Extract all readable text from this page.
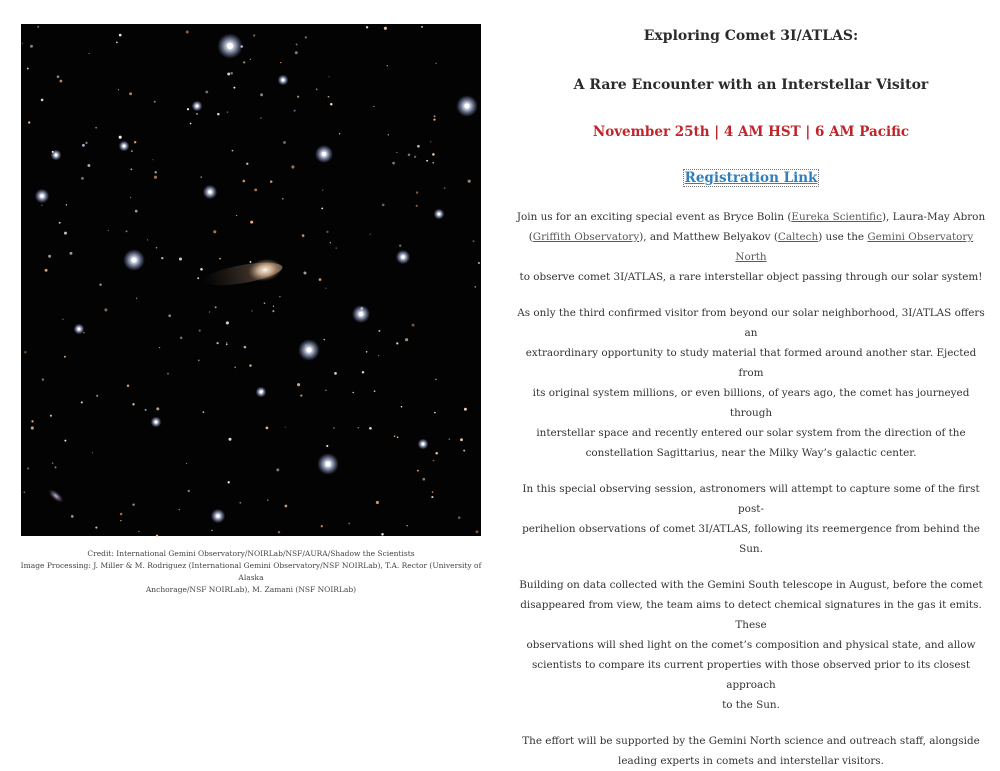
Credit: International Gemini Observatory/NOIRLab/NSF/AURA/Shadow the Scientists
Image Processing: J. Miller & M. Rodriguez (International Gemini Observatory/NSF NOIRLab), T.A. Rector (University of Alaska
Anchorage/NSF NOIRLab), M. Zamani (NSF NOIRLab)
Exploring Comet 3I/ATLAS:
A Rare Encounter with an Interstellar Visitor
November 25th | 4 AM HST | 6 AM Pacific
Registration Link

Join us for an exciting special event as Bryce Bolin (Eureka Scientific), Laura-May Abron
(Griffith Observatory), and Matthew Belyakov (Caltech) use the Gemini Observatory North
to observe comet 3I/ATLAS, a rare interstellar object passing through our solar system!

As only the third confirmed visitor from beyond our solar neighborhood, 3I/ATLAS offers an
extraordinary opportunity to study material that formed around another star. Ejected from
its original system millions, or even billions, of years ago, the comet has journeyed through
interstellar space and recently entered our solar system from the direction of the
constellation Sagittarius, near the Milky Way’s galactic center.

In this special observing session, astronomers will attempt to capture some of the first post-
perihelion observations of comet 3I/ATLAS, following its reemergence from behind the Sun.

Building on data collected with the Gemini South telescope in August, before the comet
disappeared from view, the team aims to detect chemical signatures in the gas it emits. These
observations will shed light on the comet’s composition and physical state, and allow
scientists to compare its current properties with those observed prior to its closest approach
to the Sun.

The effort will be supported by the Gemini North science and outreach staff, alongside
leading experts in comets and interstellar visitors.
